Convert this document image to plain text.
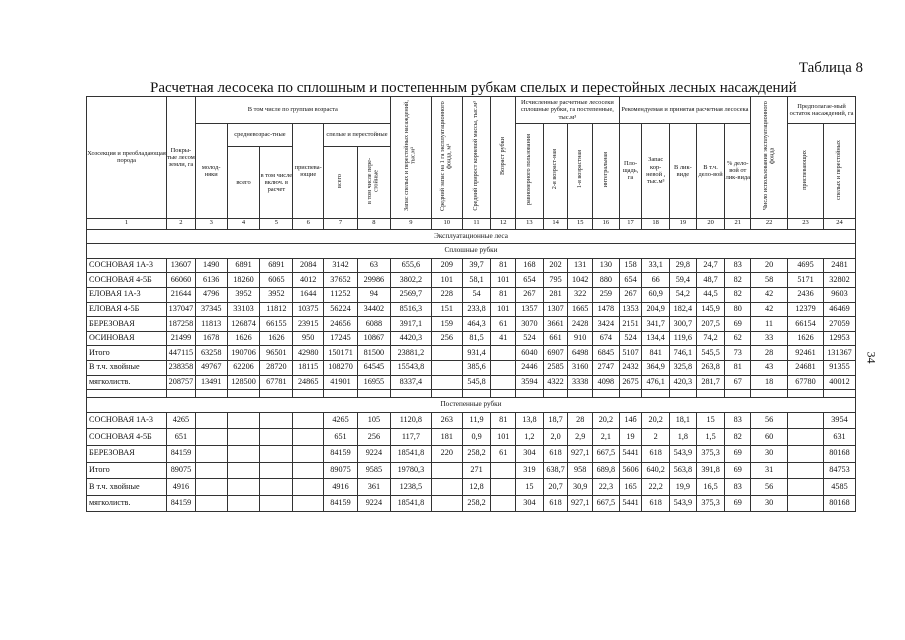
Таблица 8
Расчетная лесосека по сплошным и постепенным рубкам спелых и перестойных лесных насаждений
34
Хозсекция и преобладающая порода	Покры-тые лесом земли, га	В том числе по группам возраста						Запас спелых и перестойных насаждений, тыс.м³	Средний запас на 1 га эксплуатационного фонда, м³	Средний прирост корневой массы, тыс.м³	Возраст рубки	Исчисленные расчетные лесосеки сплошные рубки, га постепенные, тыс.м³				Рекомендуемая и принятая расчетная лесосека					Число использования эксплуатационного фонда	Предполагае-мый остаток насаждений, га	
		молод-няки	средневозрас-тные		приспева-ющие	спелые и перестойные						равномерного пользования	2-я возраст-ная	1-я возрастная	интегральная	Пло-щадь, га	Запас кор-невой , тыс.м³	В лик-виде	В т.ч. дело-вой	% дело-вой от лик-вида		приспевающих	спелых и перестойных
			всего	в том числе включ. в расчет		всего	в том числе пере-стойные																
1	2	3	4	5	6	7	8	9	10	11	12	13	14	15	16	17	18	19	20	21	22	23	24
Эксплуатационные леса																							
Сплошные рубки																							
СОСНОВАЯ 1А-3	13607	1490	6891	6891	2084	3142	63	655,6	209	39,7	81	168	202	131	130	158	33,1	29,8	24,7	83	20	4695	2481
СОСНОВАЯ 4-5Б	66060	6136	18260	6065	4012	37652	29986	3802,2	101	58,1	101	654	795	1042	880	654	66	59,4	48,7	82	58	5171	32802
ЕЛОВАЯ 1А-3	21644	4796	3952	3952	1644	11252	94	2569,7	228	54	81	267	281	322	259	267	60,9	54,2	44,5	82	42	2436	9603
ЕЛОВАЯ 4-5Б	137047	37345	33103	11812	10375	56224	34402	8516,3	151	233,8	101	1357	1307	1665	1478	1353	204,9	182,4	145,9	80	42	12379	46469
БЕРЕЗОВАЯ	187258	11813	126874	66155	23915	24656	6088	3917,1	159	464,3	61	3070	3661	2428	3424	2151	341,7	300,7	207,5	69	11	66154	27059
ОСИНОВАЯ	21499	1678	1626	1626	950	17245	10867	4420,3	256	81,5	41	524	661	910	674	524	134,4	119,6	74,2	62	33	1626	12953
Итого	447115	63258	190706	96501	42980	150171	81500	23881,2		931,4		6040	6907	6498	6845	5107	841	746,1	545,5	73	28	92461	131367
В т.ч. хвойные	238358	49767	62206	28720	18115	108270	64545	15543,8		385,6		2446	2585	3160	2747	2432	364,9	325,8	263,8	81	43	24681	91355
мягколиств.	208757	13491	128500	67781	24865	41901	16955	8337,4		545,8		3594	4322	3338	4098	2675	476,1	420,3	281,7	67	18	67780	40012

Постепенные рубки																							
СОСНОВАЯ 1А-3	4265					4265	105	1120,8	263	11,9	81	13,8	18,7	28	20,2	14б	20,2	18,1	15	83	56		3954
СОСНОВАЯ 4-5Б	651					651	256	117,7	181	0,9	101	1,2	2,0	2,9	2,1	19	2	1,8	1,5	82	60		631
БЕРЕЗОВАЯ	84159					84159	9224	18541,8	220	258,2	61	304	618	927,1	667,5	5441	618	543,9	375,3	69	30		80168
Итого	89075					89075	9585	19780,3		271		319	638,7	958	689,8	5606	640,2	563,8	391,8	69	31		84753
В т.ч. хвойные	4916					4916	361	1238,5		12,8		15	20,7	30,9	22,3	165	22,2	19,9	16,5	83	56		4585
мягколиств.	84159					84159	9224	18541,8		258,2		304	618	927,1	667,5	5441	618	543,9	375,3	69	30		80168
